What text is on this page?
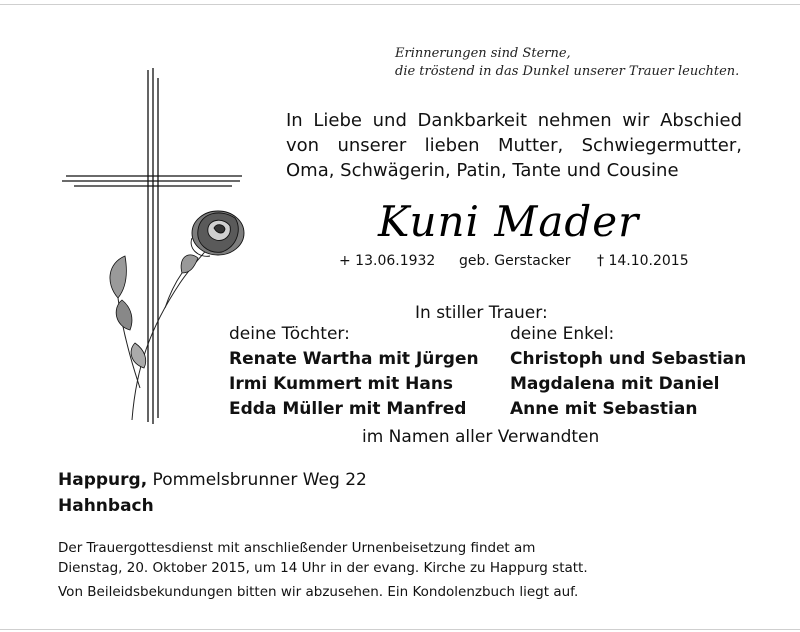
Erinnerungen sind Sterne,
die tröstend in das Dunkel unserer Trauer leuchten.
In Liebe und Dankbarkeit nehmen wir Abschied von unserer lieben Mutter, Schwiegermutter, Oma, Schwägerin, Patin, Tante und Cousine
Kuni Mader
+ 13.06.1932 geb. Gerstacker † 14.10.2015
In stiller Trauer:
deine Töchter:
Renate Wartha mit Jürgen
Irmi Kummert mit Hans
Edda Müller mit Manfred
deine Enkel:
Christoph und Sebastian
Magdalena mit Daniel
Anne mit Sebastian
im Namen aller Verwandten
Happurg, Pommelsbrunner Weg 22
Hahnbach
Der Trauergottesdienst mit anschließender Urnenbeisetzung findet am
Dienstag, 20. Oktober 2015, um 14 Uhr in der evang. Kirche zu Happurg statt.
Von Beileidsbekundungen bitten wir abzusehen. Ein Kondolenzbuch liegt auf.
